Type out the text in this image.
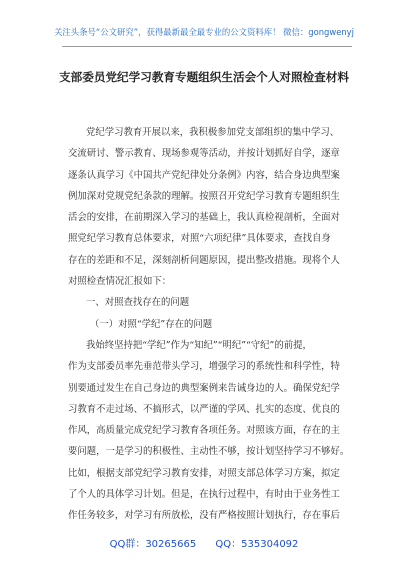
关注头条号“公文研究”，获得最新最全最专业的公文资料库！ 微信：gongwenyj
支部委员党纪学习教育专题组织生活会个人对照检查材料
党纪学习教育开展以来，我积极参加党支部组织的集中学习、
交流研讨、警示教育、现场参观等活动，并按计划抓好自学，逐章
逐条认真学习《中国共产党纪律处分条例》内容，结合身边典型案
例加深对党规党纪条款的理解。按照召开党纪学习教育专题组织生
活会的安排，在前期深入学习的基础上，我认真检视剖析，全面对
照党纪学习教育总体要求，对照“六项纪律”具体要求，查找自身
存在的差距和不足，深刻剖析问题原因，提出整改措施。现将个人
对照检查情况汇报如下：
一、对照查找存在的问题
（一）对照“学纪”存在的问题
我始终坚持把“学纪”作为“知纪”“明纪”“守纪”的前提，
作为支部委员率先垂范带头学习，增强学习的系统性和科学性，特
别要通过发生在自己身边的典型案例来告诫身边的人。确保党纪学
习教育不走过场、不搞形式，以严谨的学风、扎实的态度、优良的
作风，高质量完成党纪学习教育各项任务。对照该方面，存在的主
要问题，一是学习的积极性、主动性不够，按计划坚持学习不够好。
比如，根据支部党纪学习教育安排，对照支部总体学习方案，拟定
了个人的具体学习计划。但是，在执行过程中，有时由于业务性工
作任务较多，对学习有所放松，没有严格按照计划执行，存在事后
QQ群：30265665 QQ：535304092
